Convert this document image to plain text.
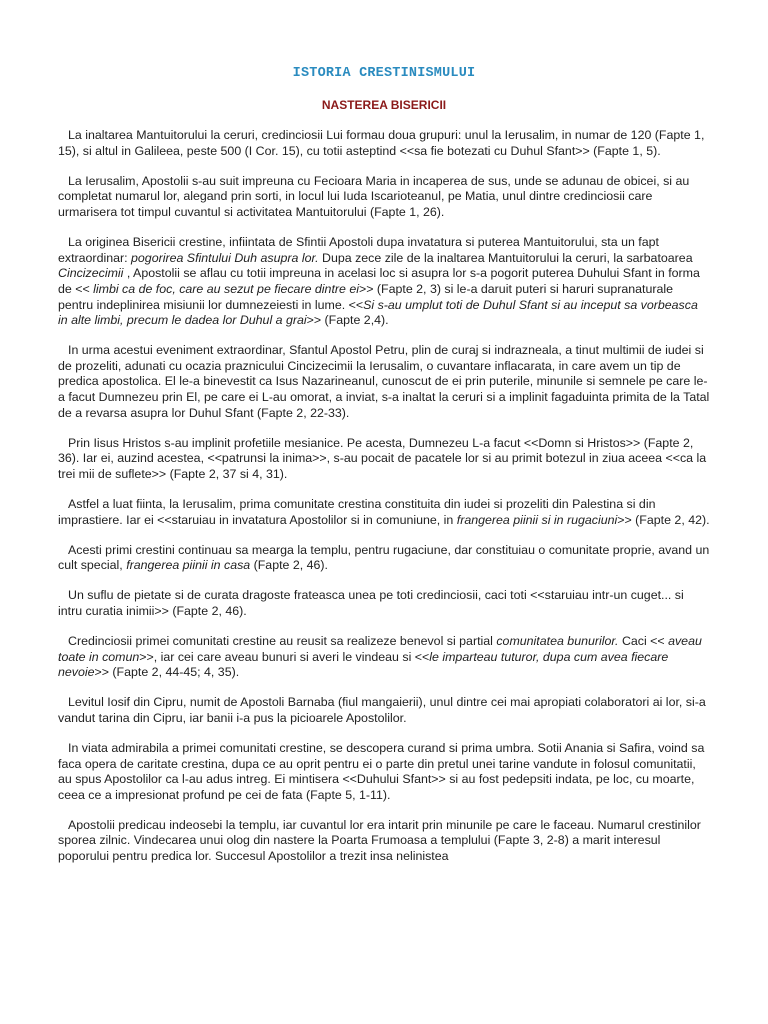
ISTORIA CRESTINISMULUI
NASTEREA BISERICII

La inaltarea Mantuitorului la ceruri, credinciosii Lui formau doua grupuri: unul la Ierusalim, in numar de 120 (Fapte 1, 15), si altul in Galileea, peste 500 (I Cor. 15), cu totii asteptind <<sa fie botezati cu Duhul Sfant>> (Fapte 1, 5).

La Ierusalim, Apostolii s-au suit impreuna cu Fecioara Maria in incaperea de sus, unde se adunau de obicei, si au completat numarul lor, alegand prin sorti, in locul lui Iuda Iscarioteanul, pe Matia, unul dintre credinciosii care urmarisera tot timpul cuvantul si activitatea Mantuitorului (Fapte 1, 26).

La originea Bisericii crestine, infiintata de Sfintii Apostoli dupa invatatura si puterea Mantuitorului, sta un fapt extraordinar: pogorirea Sfintului Duh asupra lor. Dupa zece zile de la inaltarea Mantuitorului la ceruri, la sarbatoarea Cincizecimii , Apostolii se aflau cu totii impreuna in acelasi loc si asupra lor s-a pogorit puterea Duhului Sfant in forma de << limbi ca de foc, care au sezut pe fiecare dintre ei>> (Fapte 2, 3) si le-a daruit puteri si haruri supranaturale pentru indeplinirea misiunii lor dumnezeiesti in lume. <<Si s-au umplut toti de Duhul Sfant si au inceput sa vorbeasca in alte limbi, precum le dadea lor Duhul a grai>> (Fapte 2,4).

In urma acestui eveniment extraordinar, Sfantul Apostol Petru, plin de curaj si indrazneala, a tinut multimii de iudei si de prozeliti, adunati cu ocazia praznicului Cincizecimii la Ierusalim, o cuvantare inflacarata, in care avem un tip de predica apostolica. El le-a binevestit ca Isus Nazarineanul, cunoscut de ei prin puterile, minunile si semnele pe care le-a facut Dumnezeu prin El, pe care ei L-au omorat, a inviat, s-a inaltat la ceruri si a implinit fagaduinta primita de la Tatal de a revarsa asupra lor Duhul Sfant (Fapte 2, 22-33).

Prin Iisus Hristos s-au implinit profetiile mesianice. Pe acesta, Dumnezeu L-a facut <<Domn si Hristos>> (Fapte 2, 36). Iar ei, auzind acestea, <<patrunsi la inima>>, s-au pocait de pacatele lor si au primit botezul in ziua aceea <<ca la trei mii de suflete>> (Fapte 2, 37 si 4, 31).

Astfel a luat fiinta, la Ierusalim, prima comunitate crestina constituita din iudei si prozeliti din Palestina si din imprastiere. Iar ei <<staruiau in invatatura Apostolilor si in comuniune, in frangerea piinii si in rugaciuni>> (Fapte 2, 42).

Acesti primi crestini continuau sa mearga la templu, pentru rugaciune, dar constituiau o comunitate proprie, avand un cult special, frangerea piinii in casa (Fapte 2, 46).

Un suflu de pietate si de curata dragoste frateasca unea pe toti credinciosii, caci toti <<staruiau intr-un cuget... si intru curatia inimii>> (Fapte 2, 46).

Credinciosii primei comunitati crestine au reusit sa realizeze benevol si partial comunitatea bunurilor. Caci << aveau toate in comun>>, iar cei care aveau bunuri si averi le vindeau si <<le imparteau tuturor, dupa cum avea fiecare nevoie>> (Fapte 2, 44-45; 4, 35).

Levitul Iosif din Cipru, numit de Apostoli Barnaba (fiul mangaierii), unul dintre cei mai apropiati colaboratori ai lor, si-a vandut tarina din Cipru, iar banii i-a pus la picioarele Apostolilor.

In viata admirabila a primei comunitati crestine, se descopera curand si prima umbra. Sotii Anania si Safira, voind sa faca opera de caritate crestina, dupa ce au oprit pentru ei o parte din pretul unei tarine vandute in folosul comunitatii, au spus Apostolilor ca l-au adus intreg. Ei mintisera <<Duhului Sfant>> si au fost pedepsiti indata, pe loc, cu moarte, ceea ce a impresionat profund pe cei de fata (Fapte 5, 1-11).

Apostolii predicau indeosebi la templu, iar cuvantul lor era intarit prin minunile pe care le faceau. Numarul crestinilor sporea zilnic. Vindecarea unui olog din nastere la Poarta Frumoasa a templului (Fapte 3, 2-8) a marit interesul poporului pentru predica lor. Succesul Apostolilor a trezit insa nelinistea
